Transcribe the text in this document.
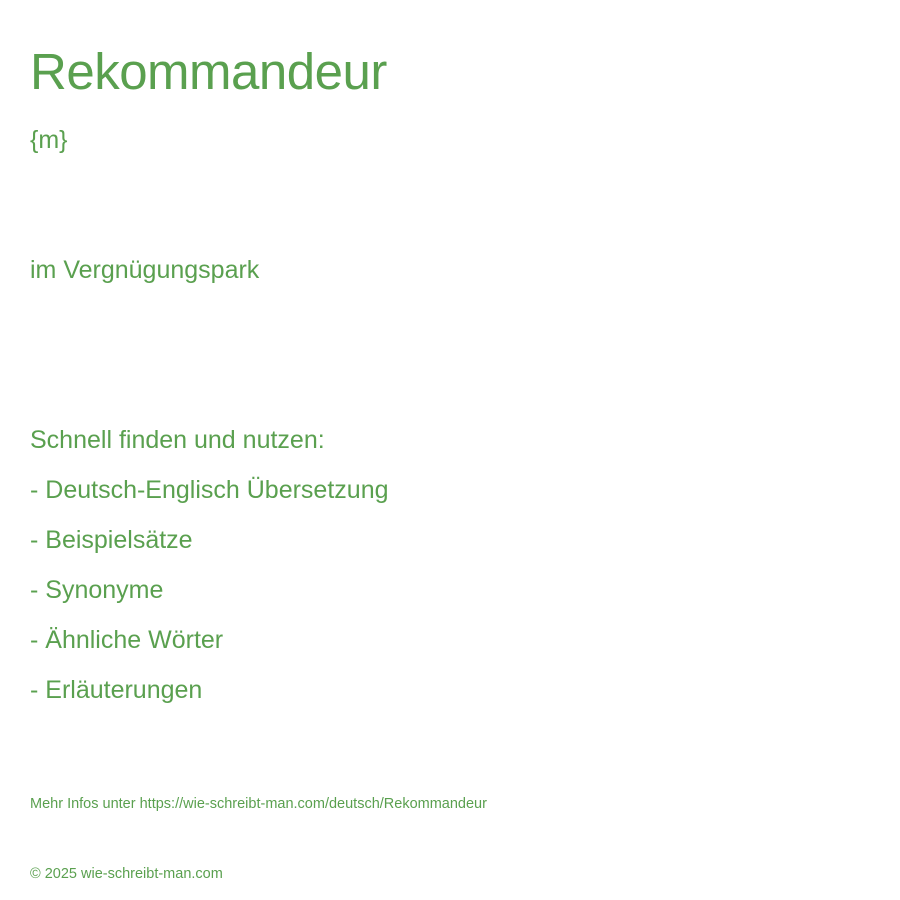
Rekommandeur
{m}
im Vergnügungspark
Schnell finden und nutzen:
- Deutsch-Englisch Übersetzung
- Beispielsätze
- Synonyme
- Ähnliche Wörter
- Erläuterungen
Mehr Infos unter https://wie-schreibt-man.com/deutsch/Rekommandeur
© 2025 wie-schreibt-man.com
